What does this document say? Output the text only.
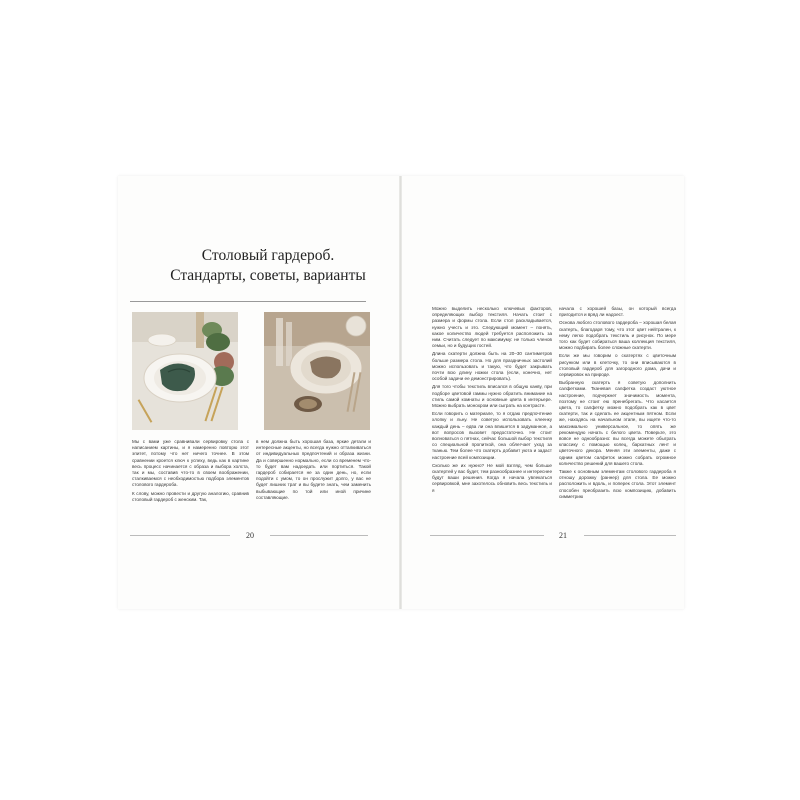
Столовый гардероб.
Стандарты, советы, варианты

Мы с вами уже сравнивали сервировку стола с написанием картины, и я намеренно повторю этот эпитет, потому что нет ничего точнее. В этом сравнении кроется ключ к успеху, ведь как в картине весь процесс начинается с образа и выбора холста, так и мы, составив что-то в своем воображении, сталкиваемся с необходимостью подбора элементов столового гардероба.

К слову, можно провести и другую аналогию, сравнив столовый гардероб с женским. Так,

в нем должна быть хорошая база, яркие детали и интересные акценты, но всегда нужно отталкиваться от индивидуальных предпочтений и образа жизни. Да и совершенно нормально, если со временем что-то будет вам надоедать или портиться. Такой гардероб собирается не за один день, но, если подойти с умом, то он прослужит долго, у вас не будет лишних трат и вы будете знать, чем заменить выбывающие по той или иной причине составляющие.

20

Можно выделить несколько ключевых факторов, определяющих выбор текстиля. Начать стоит с размера и формы стола. Если стол раскладывается, нужно учесть и это. Следующий момент – понять, какое количество людей требуется расположить за ним. Считать следует по максимуму: не только членов семьи, но и будущих гостей.

Длина скатерти должна быть на 20–30 сантиметров больше размера стола. Но для праздничных застолий можно использовать и такую, что будет закрывать почти всю длину ножки стола (если, конечно, нет особой задачи ее демонстрировать).

Для того чтобы текстиль вписался в общую канву, при подборе цветовой гаммы нужно обратить внимание на стиль самой комнаты и основные цвета в интерьере. Можно выбрать монохром или сыграть на контрасте.

Если говорить о материале, то я отдаю предпочтение хлопку и льну. Не советую использовать клеенку каждый день – едва ли она впишется в задуманное, а вот вопросов вызовет предостаточно. Не стоит волноваться о пятнах, сейчас большой выбор текстиля со специальной пропиткой, она облегчает уход за тканью. Тем более что скатерть добавит уюта и задаст настроение всей композиции.

Сколько же их нужно? Не мой взгляд, чем больше скатертей у вас будет, тем разнообразнее и интереснее будут ваши решения. Когда я начала увлекаться сервировкой, мне захотелось обновить весь текстиль и я

начала с хорошей базы, он который всегда пригодится и вряд ли надоест.

Основа любого столового гардероба – хорошая белая скатерть, благодаря тому, что этот цвет нейтрален, к нему легко подобрать текстиль и рисунок. По мере того как будет собираться ваша коллекция текстиля, можно подбирать более сложные скатерти.

Если же мы говорим о скатертях с цветочным рисунком или в клеточку, то они вписываются в столовый гардероб для загородного дома, дачи и сервировок на природе.

Выбранную скатерть я советую дополнить салфетками. Тканевая салфетка создаст уютное настроение, подчеркнет значимость момента, поэтому не стоит ею пренебрегать. Что касается цвета, то салфетку можно подобрать как в цвет скатерти, так и сделать ее акцентным пятном. Если же, находясь на начальном этапе, вы ищете что-то максимально универсальное, то опять же рекомендую начать с белого цвета. Поверьте, это вовсе не однообразно: вы всегда можете обыграть классику с помощью колец, бархатных лент и цветочного декора. Меняя эти элементы, даже с одним цветом салфеток можно собрать огромное количество решений для вашего стола.

Также к основным элементам столового гардероба я отношу дорожку (раннер) для стола. Ее можно расположить и вдоль, и поперек стола. Этот элемент способен преобразить всю композицию, добавить симметрию

21
